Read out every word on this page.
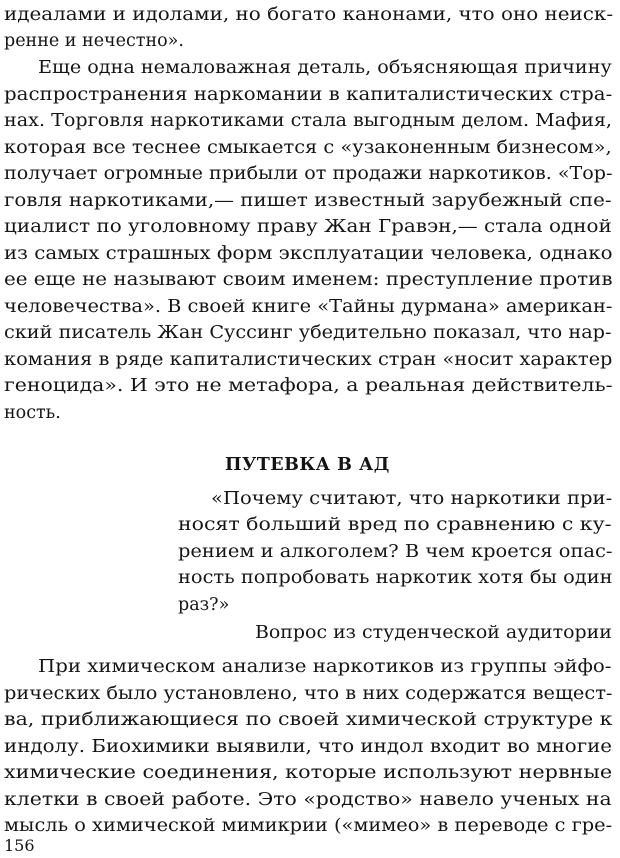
идеалами и идолами, но богато канонами, что оно неиск-
ренне и нечестно».
Еще одна немаловажная деталь, объясняющая причину
распространения наркомании в капиталистических стра-
нах. Торговля наркотиками стала выгодным делом. Мафия,
которая все теснее смыкается с «узаконенным бизнесом»,
получает огромные прибыли от продажи наркотиков. «Тор-
говля наркотиками,— пишет известный зарубежный спе-
циалист по уголовному праву Жан Гравэн,— стала одной
из самых страшных форм эксплуатации человека, однако
ее еще не называют своим именем: преступление против
человечества». В своей книге «Тайны дурмана» американ-
ский писатель Жан Суссинг убедительно показал, что нар-
комания в ряде капиталистических стран «носит характер
геноцида». И это не метафора, а реальная действитель-
ность.
ПУТЕВКА В АД
«Почему считают, что наркотики при-
носят больший вред по сравнению с ку-
рением и алкоголем? В чем кроется опас-
ность попробовать наркотик хотя бы один
раз?»
Вопрос из студенческой аудитории
При химическом анализе наркотиков из группы эйфо-
рических было установлено, что в них содержатся вещест-
ва, приближающиеся по своей химической структуре к
индолу. Биохимики выявили, что индол входит во многие
химические соединения, которые используют нервные
клетки в своей работе. Это «родство» навело ученых на
мысль о химической мимикрии («мимео» в переводе с гре-
156
